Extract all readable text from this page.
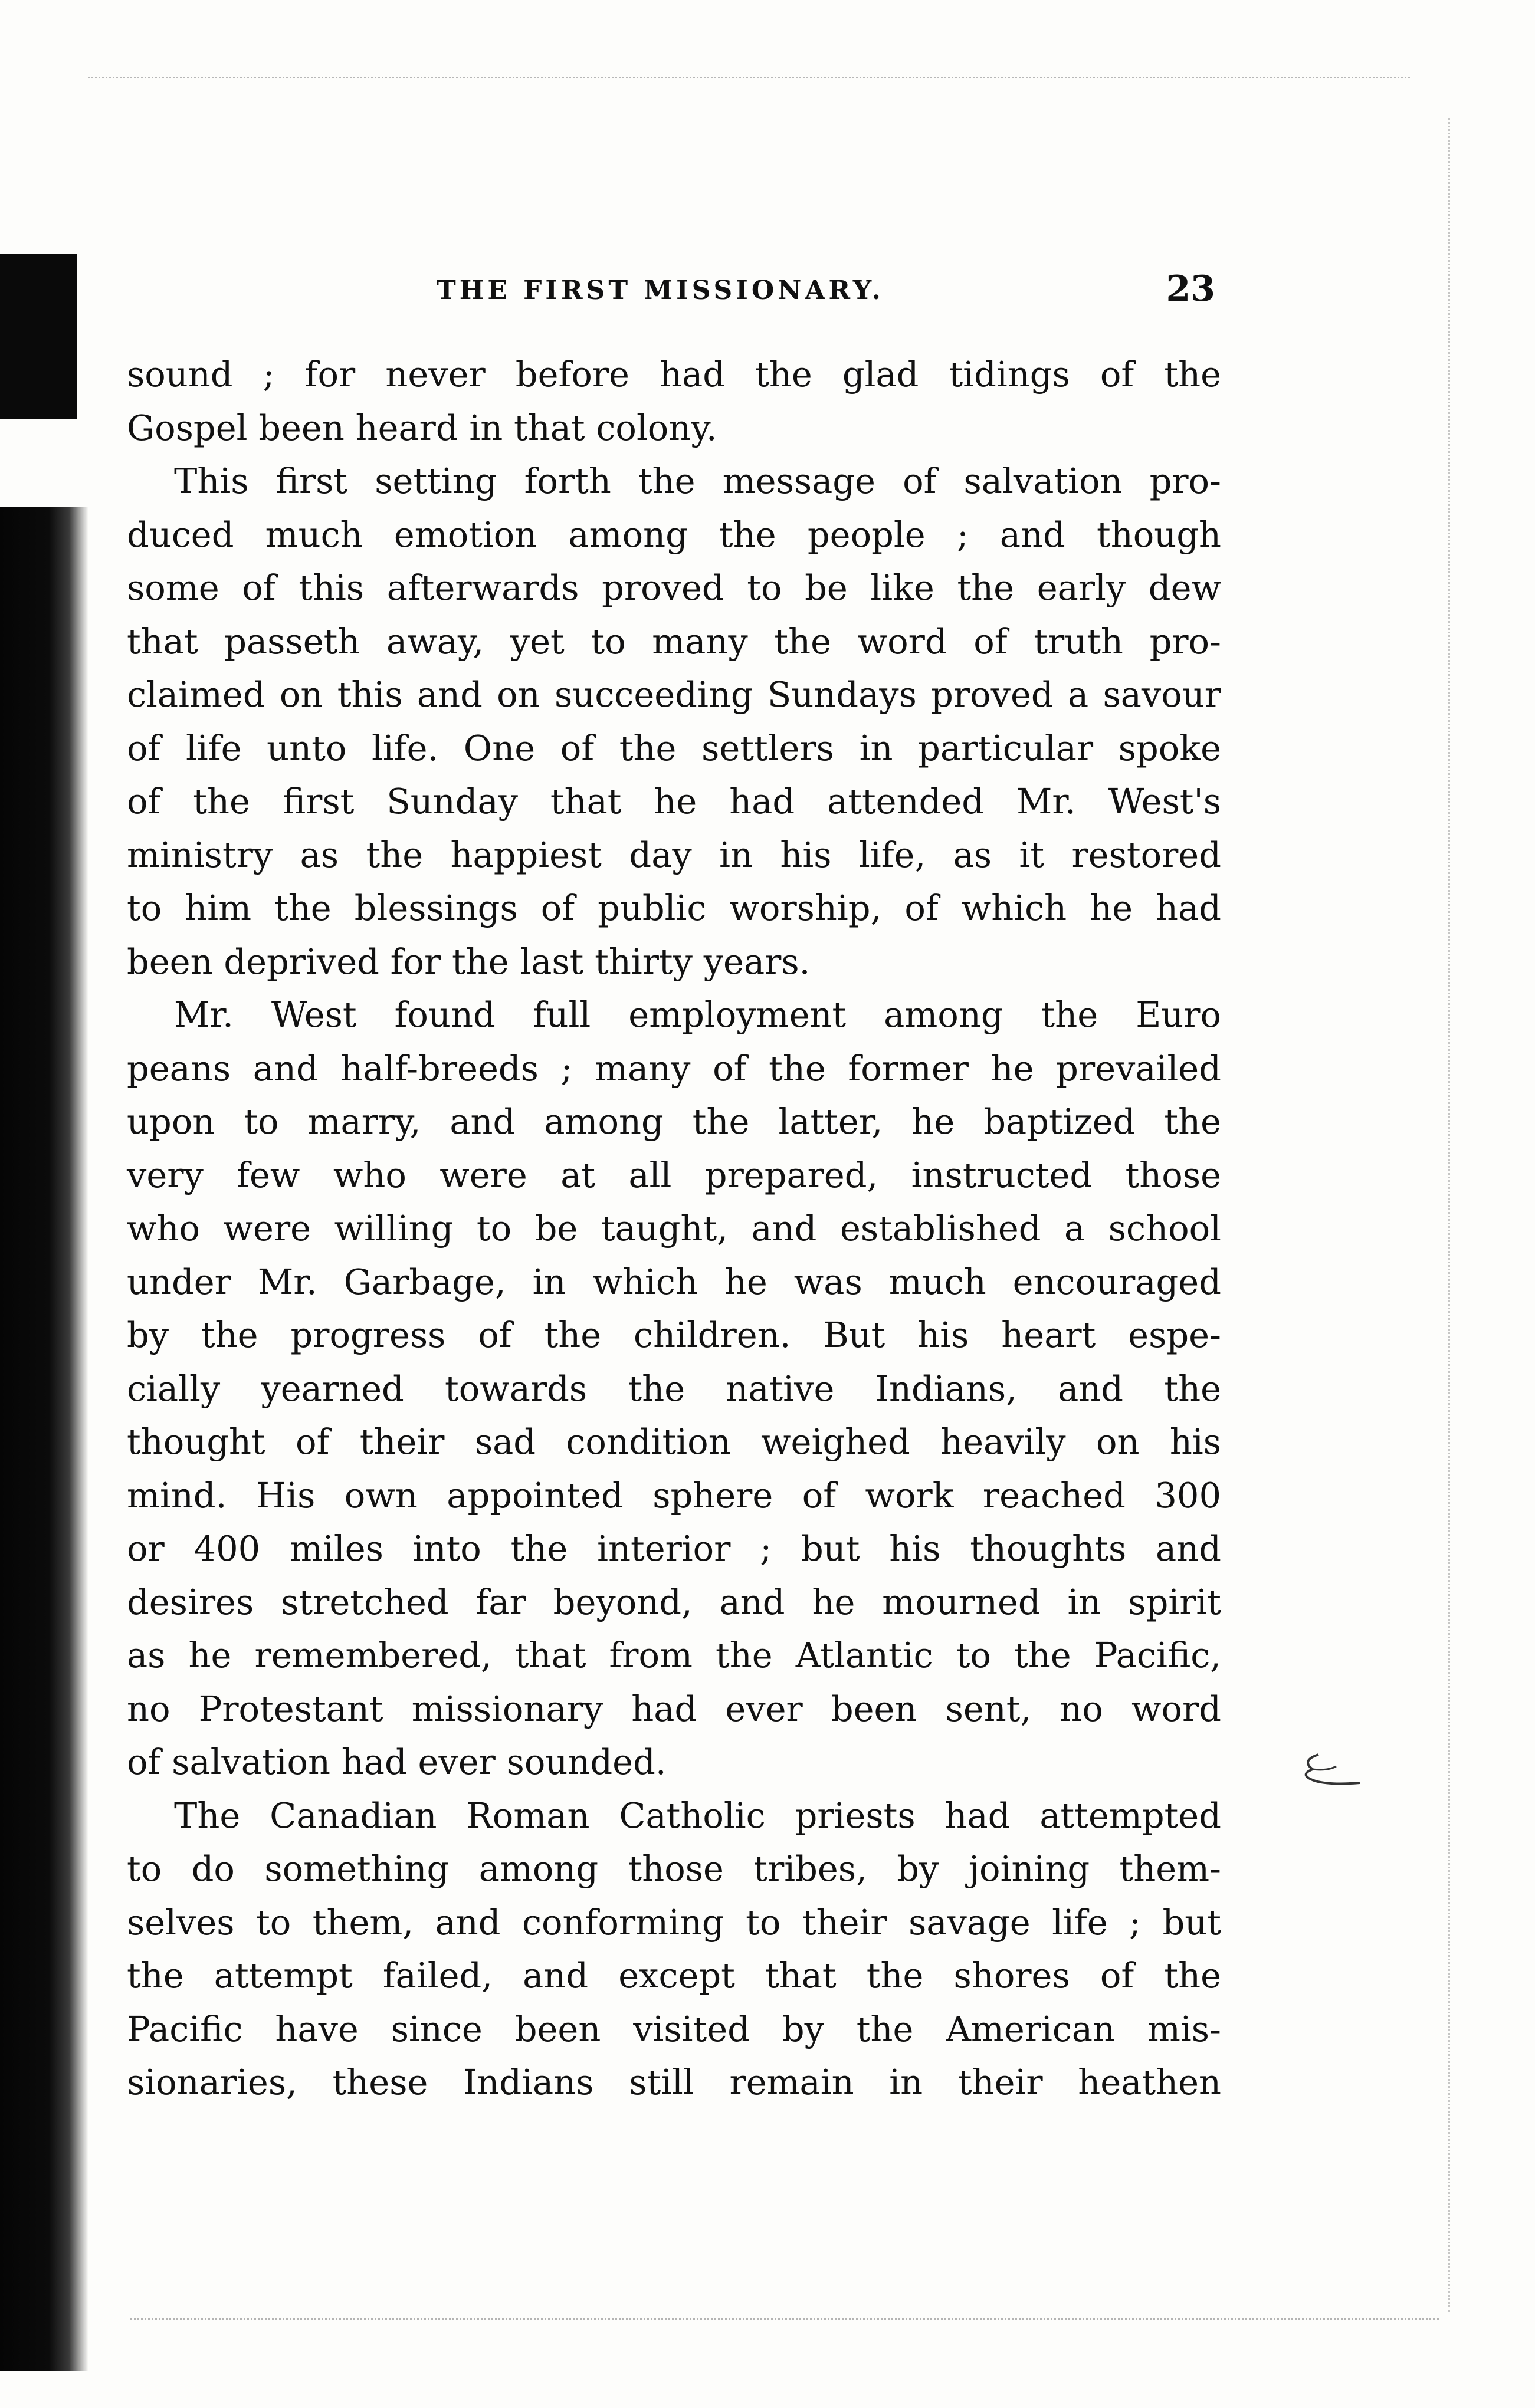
THE FIRST MISSIONARY.	23
sound ; for never before had the glad tidings of the
Gospel been heard in that colony.
This first setting forth the message of salvation pro-
duced much emotion among the people ; and though
some of this afterwards proved to be like the early dew
that passeth away, yet to many the word of truth pro-
claimed on this and on succeeding Sundays proved a savour
of life unto life. One of the settlers in particular spoke
of the first Sunday that he had attended Mr. West's
ministry as the happiest day in his life, as it restored
to him the blessings of public worship, of which he had
been deprived for the last thirty years.
Mr. West found full employment among the Euro
peans and half-breeds ; many of the former he prevailed
upon to marry, and among the latter, he baptized the
very few who were at all prepared, instructed those
who were willing to be taught, and established a school
under Mr. Garbage, in which he was much encouraged
by the progress of the children. But his heart espe-
cially yearned towards the native Indians, and the
thought of their sad condition weighed heavily on his
mind. His own appointed sphere of work reached 300
or 400 miles into the interior ; but his thoughts and
desires stretched far beyond, and he mourned in spirit
as he remembered, that from the Atlantic to the Pacific,
no Protestant missionary had ever been sent, no word
of salvation had ever sounded.
The Canadian Roman Catholic priests had attempted
to do something among those tribes, by joining them-
selves to them, and conforming to their savage life ; but
the attempt failed, and except that the shores of the
Pacific have since been visited by the American mis-
sionaries, these Indians still remain in their heathen
